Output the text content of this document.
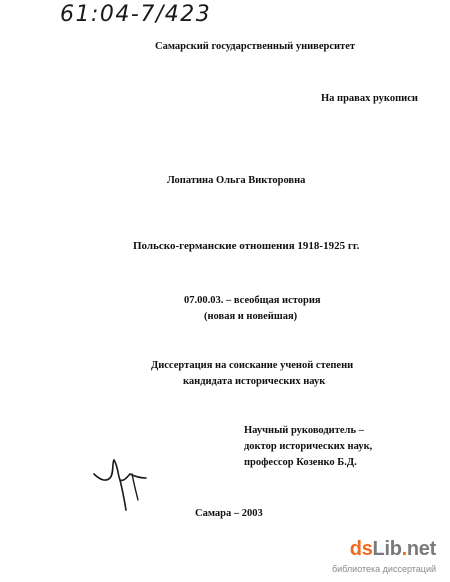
61:04-7/423
Самарский государственный университет
На правах рукописи
Лопатина Ольга Викторовна
Польско-германские отношения 1918-1925 гг.
07.00.03. – всеобщая история
(новая и новейшая)
Диссертация на соискание ученой степени
кандидата исторических наук
Научный руководитель –
доктор исторических наук,
профессор Козенко Б.Д.
Самара – 2003
dsLib.net
библиотека диссертаций
